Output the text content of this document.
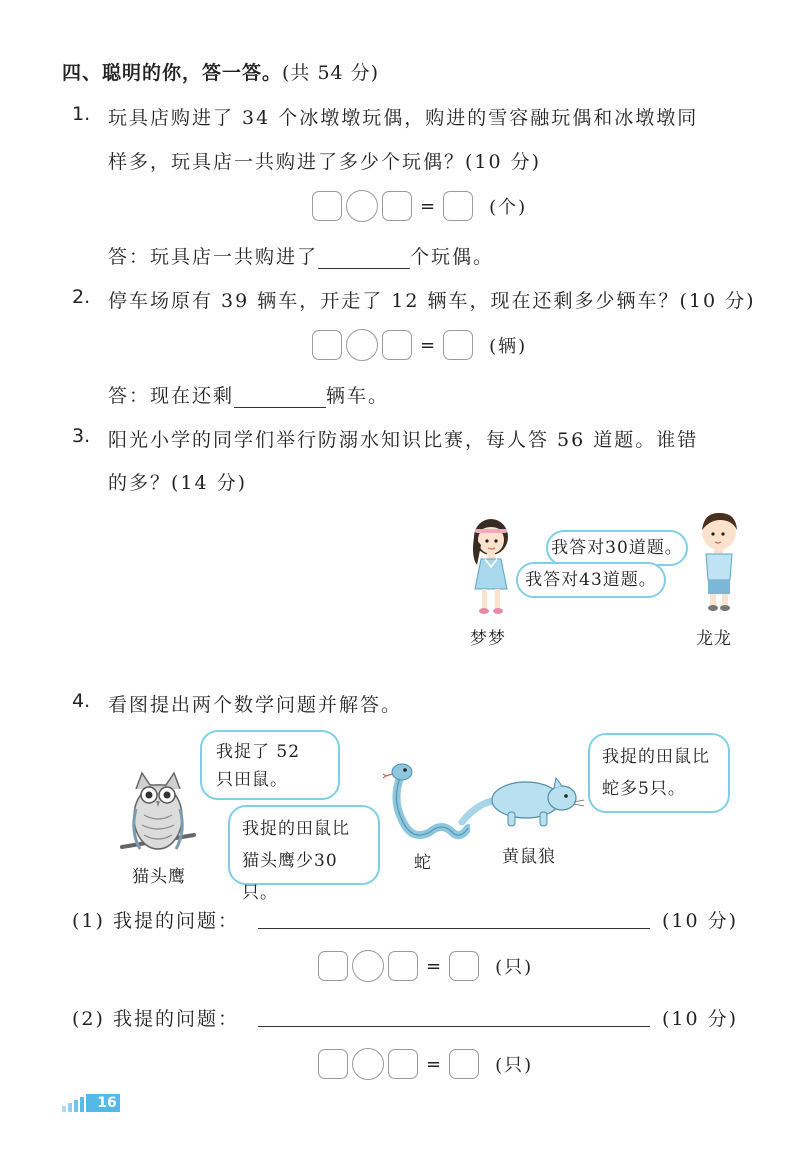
四、聪明的你，答一答。(共 54 分)
1. 玩具店购进了 34 个冰墩墩玩偶，购进的雪容融玩偶和冰墩墩同
样多，玩具店一共购进了多少个玩偶？(10 分)
=	(个)
答：玩具店一共购进了	个玩偶。
2. 停车场原有 39 辆车，开走了 12 辆车，现在还剩多少辆车？(10 分)
=	(辆)
答：现在还剩	辆车。
3. 阳光小学的同学们举行防溺水知识比赛，每人答 56 道题。谁错
的多？(14 分)
我答对30道题。
我答对43道题。
梦梦	龙龙
4. 看图提出两个数学问题并解答。
我捉了 52 只田鼠。
猫头鹰
我捉的田鼠比猫头鹰少30只。
蛇
我捉的田鼠比蛇多5只。
黄鼠狼
(1) 我提的问题：	(10 分)
=	(只)
(2) 我提的问题：	(10 分)
=	(只)
16
